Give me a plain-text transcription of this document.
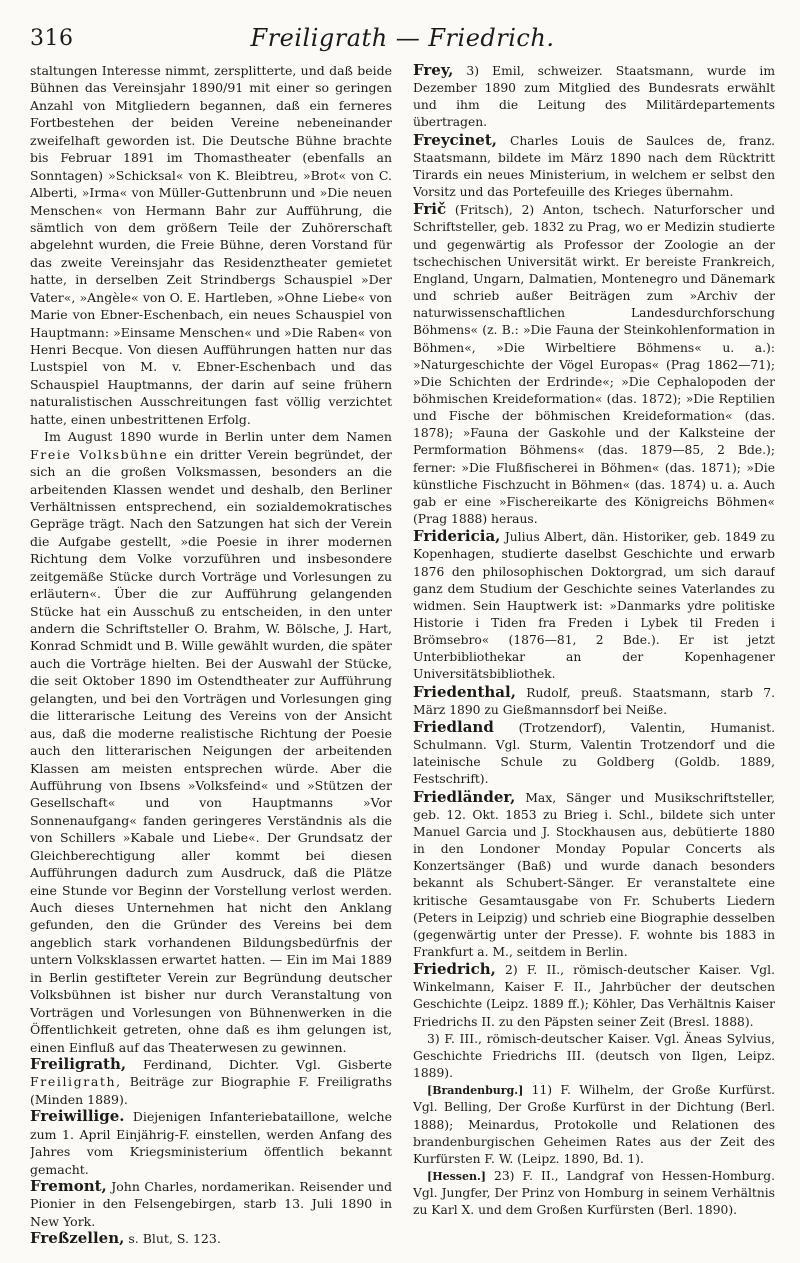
316	Freiligrath — Friedrich.

staltungen Interesse nimmt, zersplitterte, und daß beide Bühnen das Vereinsjahr 1890/91 mit einer so geringen Anzahl von Mitgliedern begannen, daß ein ferneres Fortbestehen der beiden Vereine nebeneinander zweifelhaft geworden ist. Die Deutsche Bühne brachte bis Februar 1891 im Thomastheater (ebenfalls an Sonntagen) »Schicksal« von K. Bleibtreu, »Brot« von C. Alberti, »Irma« von Müller-Guttenbrunn und »Die neuen Menschen« von Hermann Bahr zur Aufführung, die sämtlich von dem größern Teile der Zuhörerschaft abgelehnt wurden, die Freie Bühne, deren Vorstand für das zweite Vereinsjahr das Residenztheater gemietet hatte, in derselben Zeit Strindbergs Schauspiel »Der Vater«, »Angèle« von O. E. Hartleben, »Ohne Liebe« von Marie von Ebner-Eschenbach, ein neues Schauspiel von Hauptmann: »Einsame Menschen« und »Die Raben« von Henri Becque. Von diesen Aufführungen hatten nur das Lustspiel von M. v. Ebner-Eschenbach und das Schauspiel Hauptmanns, der darin auf seine frühern naturalistischen Ausschreitungen fast völlig verzichtet hatte, einen unbestrittenen Erfolg.

Im August 1890 wurde in Berlin unter dem Namen Freie Volksbühne ein dritter Verein begründet, der sich an die großen Volksmassen, besonders an die arbeitenden Klassen wendet und deshalb, den Berliner Verhältnissen entsprechend, ein sozialdemokratisches Gepräge trägt. Nach den Satzungen hat sich der Verein die Aufgabe gestellt, »die Poesie in ihrer modernen Richtung dem Volke vorzuführen und insbesondere zeitgemäße Stücke durch Vorträge und Vorlesungen zu erläutern«. Über die zur Aufführung gelangenden Stücke hat ein Ausschuß zu entscheiden, in den unter andern die Schriftsteller O. Brahm, W. Bölsche, J. Hart, Konrad Schmidt und B. Wille gewählt wurden, die später auch die Vorträge hielten. Bei der Auswahl der Stücke, die seit Oktober 1890 im Ostendtheater zur Aufführung gelangten, und bei den Vorträgen und Vorlesungen ging die litterarische Leitung des Vereins von der Ansicht aus, daß die moderne realistische Richtung der Poesie auch den litterarischen Neigungen der arbeitenden Klassen am meisten entsprechen würde. Aber die Aufführung von Ibsens »Volksfeind« und »Stützen der Gesellschaft« und von Hauptmanns »Vor Sonnenaufgang« fanden geringeres Verständnis als die von Schillers »Kabale und Liebe«. Der Grundsatz der Gleichberechtigung aller kommt bei diesen Aufführungen dadurch zum Ausdruck, daß die Plätze eine Stunde vor Beginn der Vorstellung verlost werden. Auch dieses Unternehmen hat nicht den Anklang gefunden, den die Gründer des Vereins bei dem angeblich stark vorhandenen Bildungsbedürfnis der untern Volksklassen erwartet hatten. — Ein im Mai 1889 in Berlin gestifteter Verein zur Begründung deutscher Volksbühnen ist bisher nur durch Veranstaltung von Vorträgen und Vorlesungen von Bühnenwerken in die Öffentlichkeit getreten, ohne daß es ihm gelungen ist, einen Einfluß auf das Theaterwesen zu gewinnen.

Freiligrath, Ferdinand, Dichter. Vgl. Gisberte Freiligrath, Beiträge zur Biographie F. Freiligraths (Minden 1889).

Freiwillige. Diejenigen Infanteriebataillone, welche zum 1. April Einjährig-F. einstellen, werden Anfang des Jahres vom Kriegsministerium öffentlich bekannt gemacht.

Fremont, John Charles, nordamerikan. Reisender und Pionier in den Felsengebirgen, starb 13. Juli 1890 in New York.

Freßzellen, s. Blut, S. 123.

Frey, 3) Emil, schweizer. Staatsmann, wurde im Dezember 1890 zum Mitglied des Bundesrats erwählt und ihm die Leitung des Militärdepartements übertragen.

Freycinet, Charles Louis de Saulces de, franz. Staatsmann, bildete im März 1890 nach dem Rücktritt Tirards ein neues Ministerium, in welchem er selbst den Vorsitz und das Portefeuille des Krieges übernahm.

Frič (Fritsch), 2) Anton, tschech. Naturforscher und Schriftsteller, geb. 1832 zu Prag, wo er Medizin studierte und gegenwärtig als Professor der Zoologie an der tschechischen Universität wirkt. Er bereiste Frankreich, England, Ungarn, Dalmatien, Montenegro und Dänemark und schrieb außer Beiträgen zum »Archiv der naturwissenschaftlichen Landesdurchforschung Böhmens« (z. B.: »Die Fauna der Steinkohlenformation in Böhmen«, »Die Wirbeltiere Böhmens« u. a.): »Naturgeschichte der Vögel Europas« (Prag 1862—71); »Die Schichten der Erdrinde«; »Die Cephalopoden der böhmischen Kreideformation« (das. 1872); »Die Reptilien und Fische der böhmischen Kreideformation« (das. 1878); »Fauna der Gaskohle und der Kalksteine der Permformation Böhmens« (das. 1879—85, 2 Bde.); ferner: »Die Flußfischerei in Böhmen« (das. 1871); »Die künstliche Fischzucht in Böhmen« (das. 1874) u. a. Auch gab er eine »Fischereikarte des Königreichs Böhmen« (Prag 1888) heraus.

Fridericia, Julius Albert, dän. Historiker, geb. 1849 zu Kopenhagen, studierte daselbst Geschichte und erwarb 1876 den philosophischen Doktorgrad, um sich darauf ganz dem Studium der Geschichte seines Vaterlandes zu widmen. Sein Hauptwerk ist: »Danmarks ydre politiske Historie i Tiden fra Freden i Lybek til Freden i Brömsebro« (1876—81, 2 Bde.). Er ist jetzt Unterbibliothekar an der Kopenhagener Universitätsbibliothek.

Friedenthal, Rudolf, preuß. Staatsmann, starb 7. März 1890 zu Gießmannsdorf bei Neiße.

Friedland (Trotzendorf), Valentin, Humanist. Schulmann. Vgl. Sturm, Valentin Trotzendorf und die lateinische Schule zu Goldberg (Goldb. 1889, Festschrift).

Friedländer, Max, Sänger und Musikschriftsteller, geb. 12. Okt. 1853 zu Brieg i. Schl., bildete sich unter Manuel Garcia und J. Stockhausen aus, debütierte 1880 in den Londoner Monday Popular Concerts als Konzertsänger (Baß) und wurde danach besonders bekannt als Schubert-Sänger. Er veranstaltete eine kritische Gesamtausgabe von Fr. Schuberts Liedern (Peters in Leipzig) und schrieb eine Biographie desselben (gegenwärtig unter der Presse). F. wohnte bis 1883 in Frankfurt a. M., seitdem in Berlin.

Friedrich, 2) F. II., römisch-deutscher Kaiser. Vgl. Winkelmann, Kaiser F. II., Jahrbücher der deutschen Geschichte (Leipz. 1889 ff.); Köhler, Das Verhältnis Kaiser Friedrichs II. zu den Päpsten seiner Zeit (Bresl. 1888).

3) F. III., römisch-deutscher Kaiser. Vgl. Äneas Sylvius, Geschichte Friedrichs III. (deutsch von Ilgen, Leipz. 1889).

[Brandenburg.] 11) F. Wilhelm, der Große Kurfürst. Vgl. Belling, Der Große Kurfürst in der Dichtung (Berl. 1888); Meinardus, Protokolle und Relationen des brandenburgischen Geheimen Rates aus der Zeit des Kurfürsten F. W. (Leipz. 1890, Bd. 1).

[Hessen.] 23) F. II., Landgraf von Hessen-Homburg. Vgl. Jungfer, Der Prinz von Homburg in seinem Verhältnis zu Karl X. und dem Großen Kurfürsten (Berl. 1890).
